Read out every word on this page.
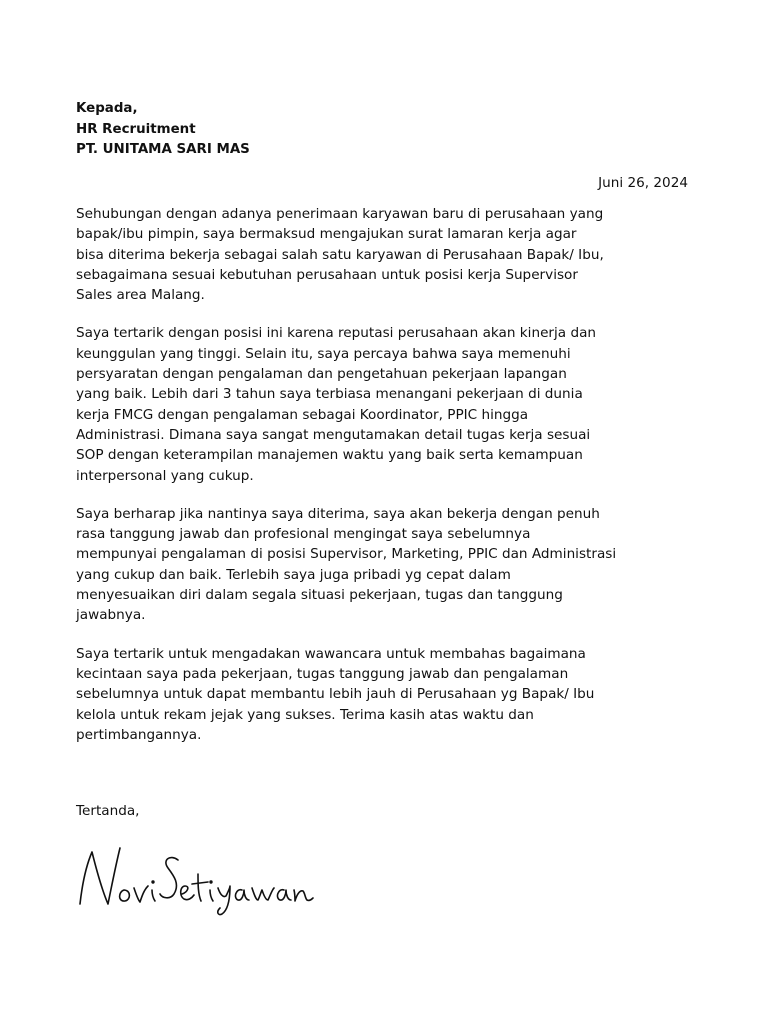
Kepada,
HR Recruitment
PT. UNITAMA SARI MAS
Juni 26, 2024

Sehubungan dengan adanya penerimaan karyawan baru di perusahaan yang
bapak/ibu pimpin, saya bermaksud mengajukan surat lamaran kerja agar
bisa diterima bekerja sebagai salah satu karyawan di Perusahaan Bapak/ Ibu,
sebagaimana sesuai kebutuhan perusahaan untuk posisi kerja Supervisor
Sales area Malang.

Saya tertarik dengan posisi ini karena reputasi perusahaan akan kinerja dan
keunggulan yang tinggi. Selain itu, saya percaya bahwa saya memenuhi
persyaratan dengan pengalaman dan pengetahuan pekerjaan lapangan
yang baik. Lebih dari 3 tahun saya terbiasa menangani pekerjaan di dunia
kerja FMCG dengan pengalaman sebagai Koordinator, PPIC hingga
Administrasi. Dimana saya sangat mengutamakan detail tugas kerja sesuai
SOP dengan keterampilan manajemen waktu yang baik serta kemampuan
interpersonal yang cukup.

Saya berharap jika nantinya saya diterima, saya akan bekerja dengan penuh
rasa tanggung jawab dan profesional mengingat saya sebelumnya
mempunyai pengalaman di posisi Supervisor, Marketing, PPIC dan Administrasi
yang cukup dan baik. Terlebih saya juga pribadi yg cepat dalam
menyesuaikan diri dalam segala situasi pekerjaan, tugas dan tanggung
jawabnya.

Saya tertarik untuk mengadakan wawancara untuk membahas bagaimana
kecintaan saya pada pekerjaan, tugas tanggung jawab dan pengalaman
sebelumnya untuk dapat membantu lebih jauh di Perusahaan yg Bapak/ Ibu
kelola untuk rekam jejak yang sukses. Terima kasih atas waktu dan
pertimbangannya.

Tertanda,
